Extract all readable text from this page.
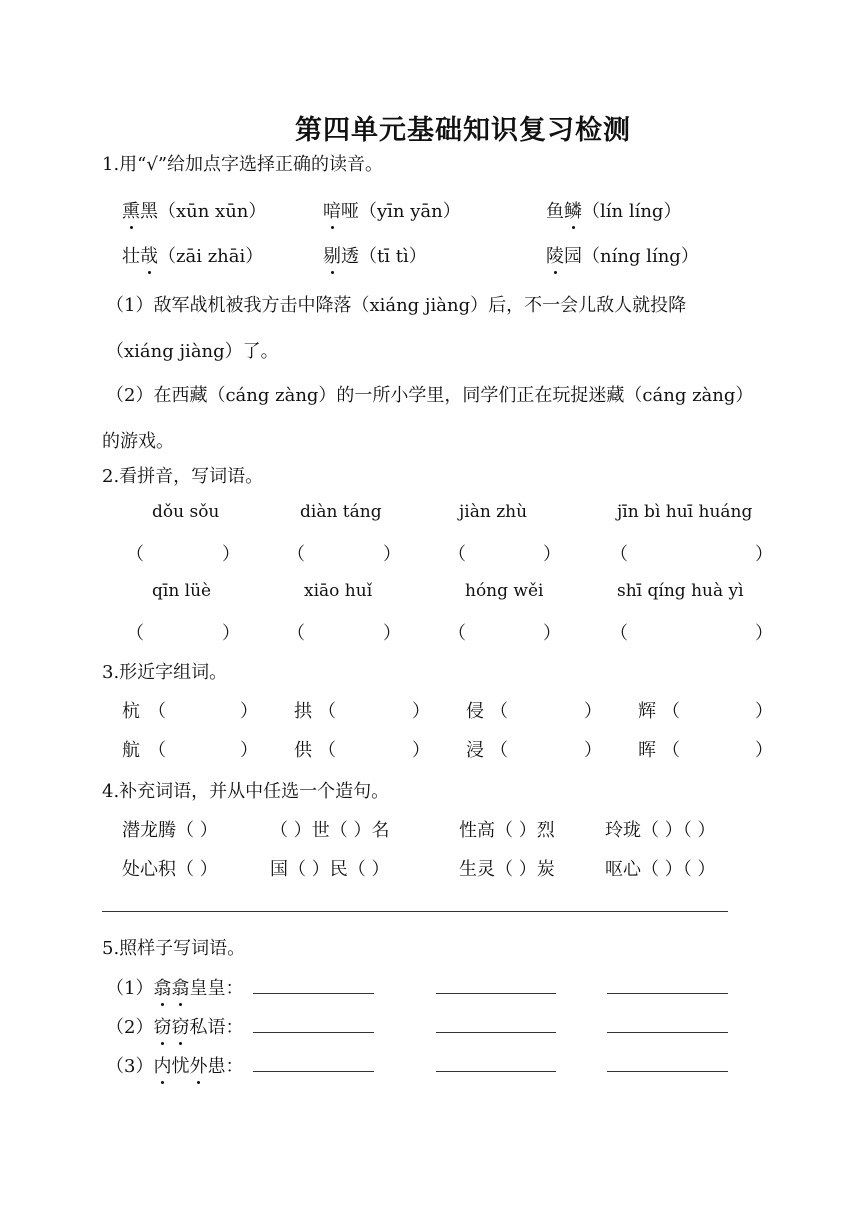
第四单元基础知识复习检测
1.用“√”给加点字选择正确的读音。
熏黑（xūn xūn）	喑哑（yīn yān）	鱼鳞（lín líng）
壮哉（zāi zhāi）	剔透（tī tì）	陵园（níng líng）
（1）敌军战机被我方击中降落（xiáng jiàng）后，不一会儿敌人就投降
（xiáng jiàng）了。
（2）在西藏（cáng zàng）的一所小学里，同学们正在玩捉迷藏（cáng zàng）
的游戏。
2.看拼音，写词语。
dǒu sǒu	diàn táng	jiàn zhù	jīn bì huī huáng
（	）	（	）	（	）	（	）
qīn lüè	xiāo huǐ	hóng wěi	shī qíng huà yì
（	）	（	）	（	）	（	）
3.形近字组词。
杭 （	） 拱 （	） 侵 （	） 辉 （	）
航 （	） 供 （	） 浸 （	） 晖 （	）
4.补充词语，并从中任选一个造句。
潜龙腾（ ）	（ ）世（ ）名	性高（ ）烈	玲珑（ ）（ ）
处心积（ ）	国（ ）民（ ）	生灵（ ）炭	呕心（ ）（ ）
5.照样子写词语。
（1）翕翕皇皇：
（2）窃窃私语：
（3）内忧外患：
